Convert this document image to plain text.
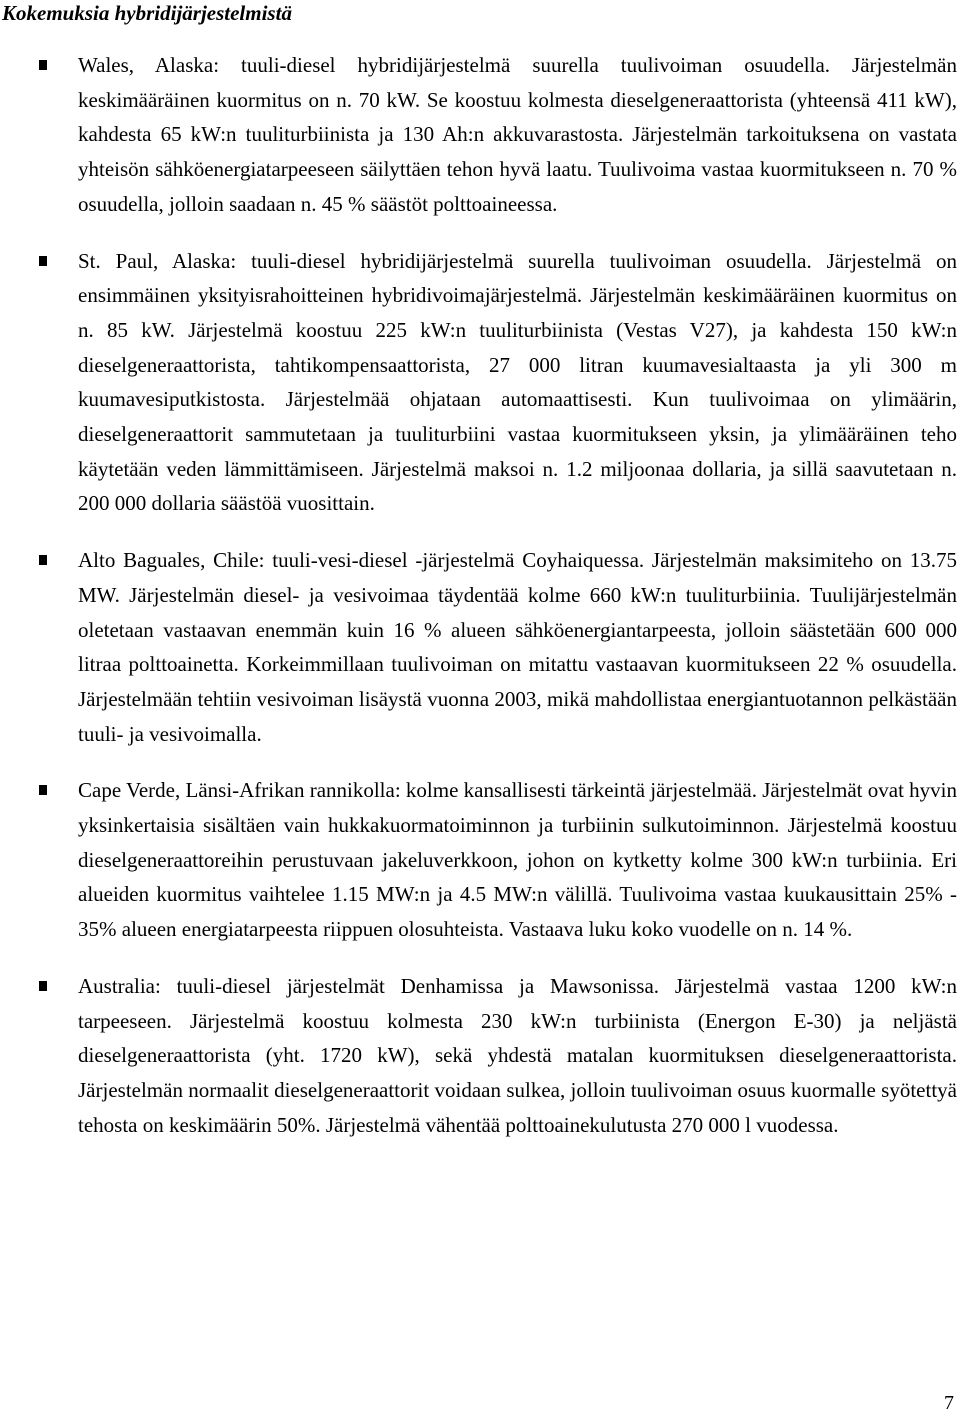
Kokemuksia hybridijärjestelmistä
Wales, Alaska: tuuli-diesel hybridijärjestelmä suurella tuulivoiman osuudella. Järjestelmän keskimääräinen kuormitus on n. 70 kW. Se koostuu kolmesta dieselgeneraattorista (yhteensä 411 kW), kahdesta 65 kW:n tuuliturbiinista ja 130 Ah:n akkuvarastosta. Järjestelmän tarkoituksena on vastata yhteisön sähköenergiatarpeeseen säilyttäen tehon hyvä laatu. Tuulivoima vastaa kuormitukseen n. 70 % osuudella, jolloin saadaan n. 45 % säästöt polttoaineessa.
St. Paul, Alaska: tuuli-diesel hybridijärjestelmä suurella tuulivoiman osuudella. Järjestelmä on ensimmäinen yksityisrahoitteinen hybridivoimajärjestelmä. Järjestelmän keskimääräinen kuormitus on n. 85 kW. Järjestelmä koostuu 225 kW:n tuuliturbiinista (Vestas V27), ja kahdesta 150 kW:n dieselgeneraattorista, tahtikompensaattorista, 27 000 litran kuumavesialtaasta ja yli 300 m kuumavesiputkistosta. Järjestelmää ohjataan automaattisesti. Kun tuulivoimaa on ylimäärin, dieselgeneraattorit sammutetaan ja tuuliturbiini vastaa kuormitukseen yksin, ja ylimääräinen teho käytetään veden lämmittämiseen. Järjestelmä maksoi n. 1.2 miljoonaa dollaria, ja sillä saavutetaan n. 200 000 dollaria säästöä vuosittain.
Alto Baguales, Chile: tuuli-vesi-diesel -järjestelmä Coyhaiquessa. Järjestelmän maksimiteho on 13.75 MW. Järjestelmän diesel- ja vesivoimaa täydentää kolme 660 kW:n tuuliturbiinia. Tuulijärjestelmän oletetaan vastaavan enemmän kuin 16 % alueen sähköenergiantarpeesta, jolloin säästetään 600 000 litraa polttoainetta. Korkeimmillaan tuulivoiman on mitattu vastaavan kuormitukseen 22 % osuudella. Järjestelmään tehtiin vesivoiman lisäystä vuonna 2003, mikä mahdollistaa energiantuotannon pelkästään tuuli- ja vesivoimalla.
Cape Verde, Länsi-Afrikan rannikolla: kolme kansallisesti tärkeintä järjestelmää. Järjestelmät ovat hyvin yksinkertaisia sisältäen vain hukkakuormatoiminnon ja turbiinin sulkutoiminnon. Järjestelmä koostuu dieselgeneraattoreihin perustuvaan jakeluverkkoon, johon on kytketty kolme 300 kW:n turbiinia. Eri alueiden kuormitus vaihtelee 1.15 MW:n ja 4.5 MW:n välillä. Tuulivoima vastaa kuukausittain 25% - 35% alueen energiatarpeesta riippuen olosuhteista. Vastaava luku koko vuodelle on n. 14 %.
Australia: tuuli-diesel järjestelmät Denhamissa ja Mawsonissa. Järjestelmä vastaa 1200 kW:n tarpeeseen. Järjestelmä koostuu kolmesta 230 kW:n turbiinista (Energon E-30) ja neljästä dieselgeneraattorista (yht. 1720 kW), sekä yhdestä matalan kuormituksen dieselgeneraattorista. Järjestelmän normaalit dieselgeneraattorit voidaan sulkea, jolloin tuulivoiman osuus kuormalle syötettyä tehosta on keskimäärin 50%. Järjestelmä vähentää polttoainekulutusta 270 000 l vuodessa.
7
